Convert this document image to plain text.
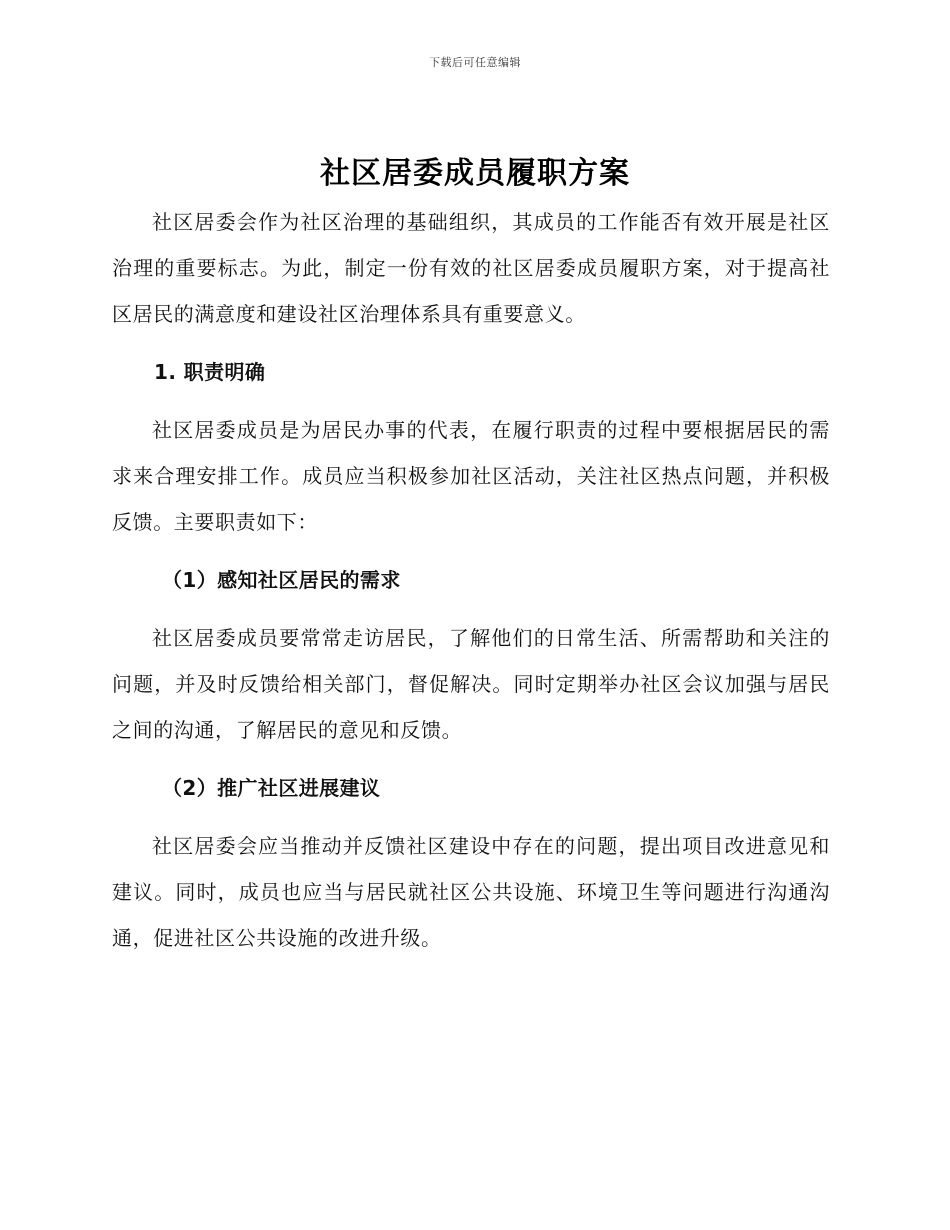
下载后可任意编辑
社区居委成员履职方案

社区居委会作为社区治理的基础组织，其成员的工作能否有效开展是社区治理的重要标志。为此，制定一份有效的社区居委成员履职方案，对于提高社区居民的满意度和建设社区治理体系具有重要意义。

1. 职责明确

社区居委成员是为居民办事的代表，在履行职责的过程中要根据居民的需求来合理安排工作。成员应当积极参加社区活动，关注社区热点问题，并积极反馈。主要职责如下：

（1）感知社区居民的需求

社区居委成员要常常走访居民，了解他们的日常生活、所需帮助和关注的问题，并及时反馈给相关部门，督促解决。同时定期举办社区会议加强与居民之间的沟通，了解居民的意见和反馈。

（2）推广社区进展建议

社区居委会应当推动并反馈社区建设中存在的问题，提出项目改进意见和建议。同时，成员也应当与居民就社区公共设施、环境卫生等问题进行沟通沟通，促进社区公共设施的改进升级。
